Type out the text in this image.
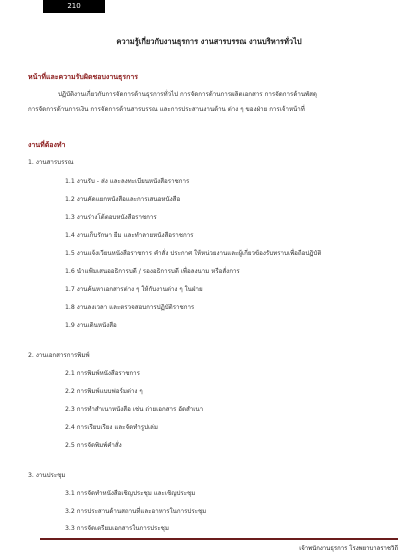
210
ความรู้เกี่ยวกับงานธุรการ งานสารบรรณ งานบริหารทั่วไป
หน้าที่และความรับผิดชอบงานธุรการ
ปฏิบัติงานเกี่ยวกับการจัดการด้านธุรการทั่วไป การจัดการด้านการผลิตเอกสาร การจัดการด้านพัสดุ
การจัดการด้านการเงิน การจัดการด้านสารบรรณ และการประสานงานด้าน ต่าง ๆ ของฝ่าย การเจ้าหน้าที่
งานที่ต้องทำ
1. งานสารบรรณ
1.1 งานรับ - ส่ง และลงทะเบียนหนังสือราชการ
1.2 งานคัดแยกหนังสือและการเสนอหนังสือ
1.3 งานร่างโต้ตอบหนังสือราชการ
1.4 งานเก็บรักษา ยืม และทำลายหนังสือราชการ
1.5 งานแจ้งเวียนหนังสือราชการ คำสั่ง ประกาศ ให้หน่วยงานและผู้เกี่ยวข้องรับทราบเพื่อถือปฏิบัติ
1.6 นำแฟ้มเสนออธิการบดี / รองอธิการบดี เพื่อลงนาม หรือสั่งการ
1.7 งานค้นหาเอกสารต่าง ๆ ให้กับงานต่าง ๆ ในฝ่าย
1.8 งานลงเวลา และตรวจสอบการปฏิบัติราชการ
1.9 งานเดินหนังสือ
2. งานเอกสารการพิมพ์
2.1 การพิมพ์หนังสือราชการ
2.2 การพิมพ์แบบฟอร์มต่าง ๆ
2.3 การทำสำเนาหนังสือ เช่น ถ่ายเอกสาร อัดสำเนา
2.4 การเรียบเรียง และจัดทำรูปเล่ม
2.5 การจัดพิมพ์คำสั่ง
3. งานประชุม
3.1 การจัดทำหนังสือเชิญประชุม และเชิญประชุม
3.2 การประสานด้านสถานที่และอาหารในการประชุม
3.3 การจัดเตรียมเอกสารในการประชุม
เจ้าพนักงานธุรการ โรงพยาบาลราชวิถี
